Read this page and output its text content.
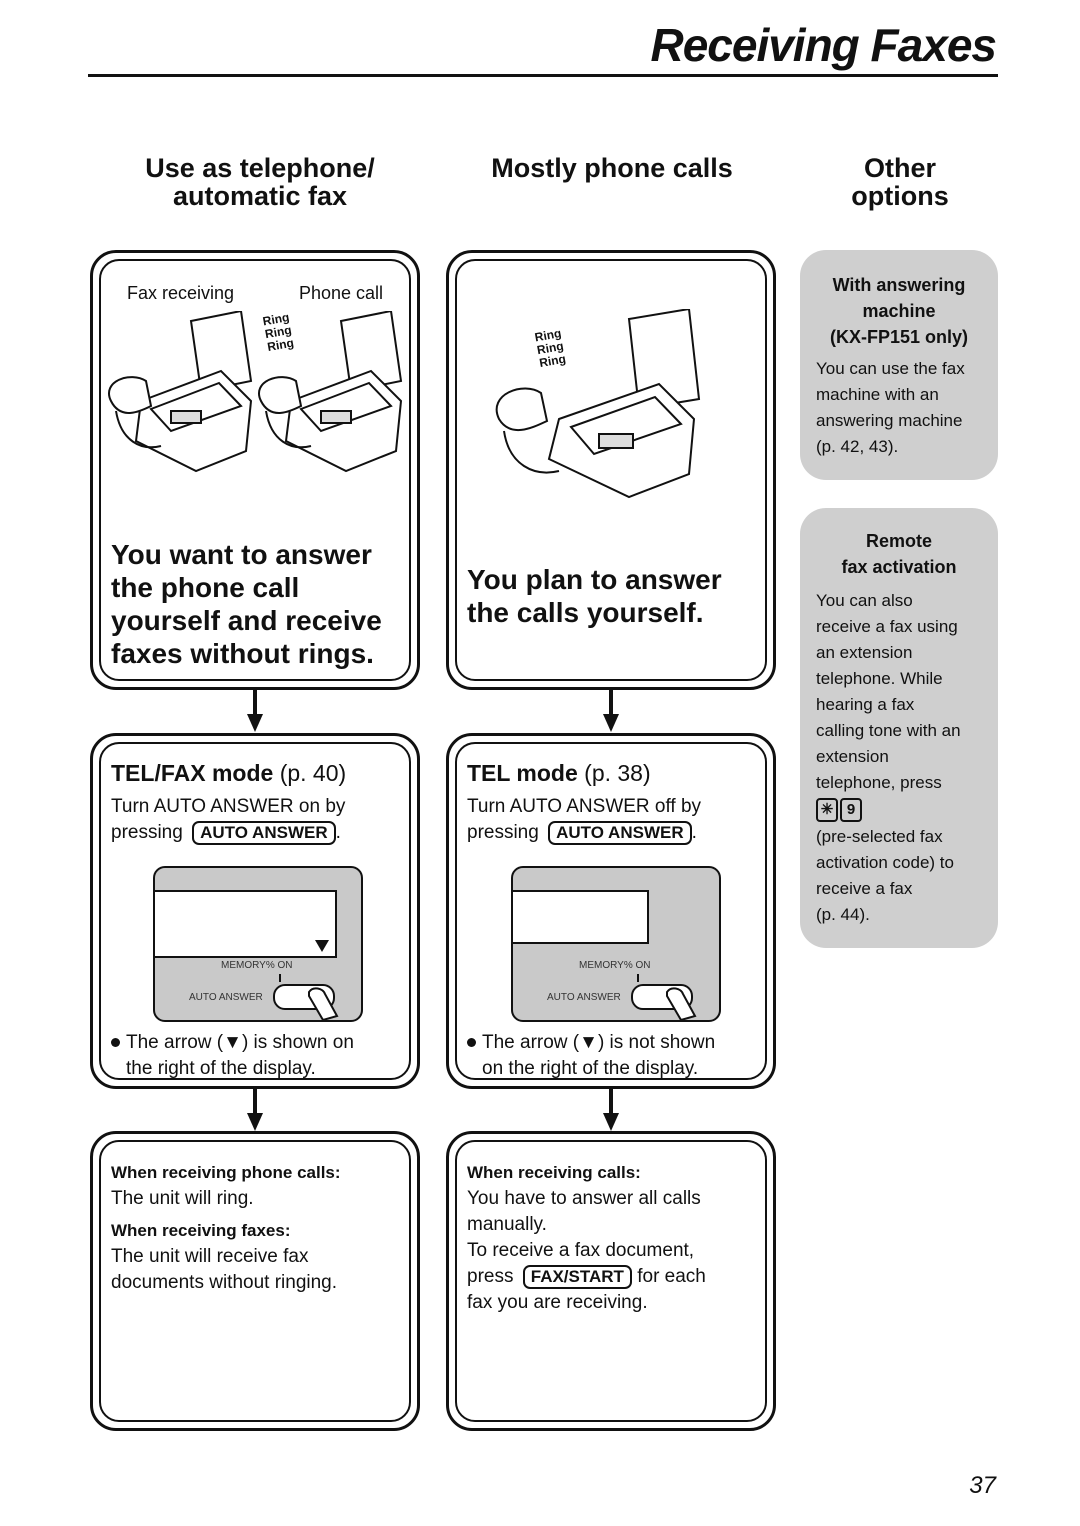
Receiving Faxes
Use as telephone/
automatic fax
Mostly phone calls	Other
options
Fax receiving	Phone call
Ring
Ring
Ring
You want to answer
the phone call
yourself and receive
faxes without rings.
TEL/FAX mode (p. 40)
Turn AUTO ANSWER on by
pressing AUTO ANSWER .
MEMORY% ON
AUTO ANSWER
The arrow (▼) is shown on
the right of the display.
When receiving phone calls:
The unit will ring.
When receiving faxes:
The unit will receive fax
documents without ringing.
Ring
Ring
Ring
You plan to answer
the calls yourself.
TEL mode (p. 38)
Turn AUTO ANSWER off by
pressing AUTO ANSWER .
MEMORY% ON
AUTO ANSWER
The arrow (▼) is not shown
on the right of the display.
When receiving calls:
You have to answer all calls
manually.
To receive a fax document,
press FAX/START for each
fax you are receiving.
With answering
machine
(KX-FP151 only)
You can use the fax
machine with an
answering machine
(p. 42, 43).
Remote
fax activation
You can also
receive a fax using
an extension
telephone. While
hearing a fax
calling tone with an
extension
telephone, press
✳ 9
(pre-selected fax
activation code) to
receive a fax
(p. 44).
37
